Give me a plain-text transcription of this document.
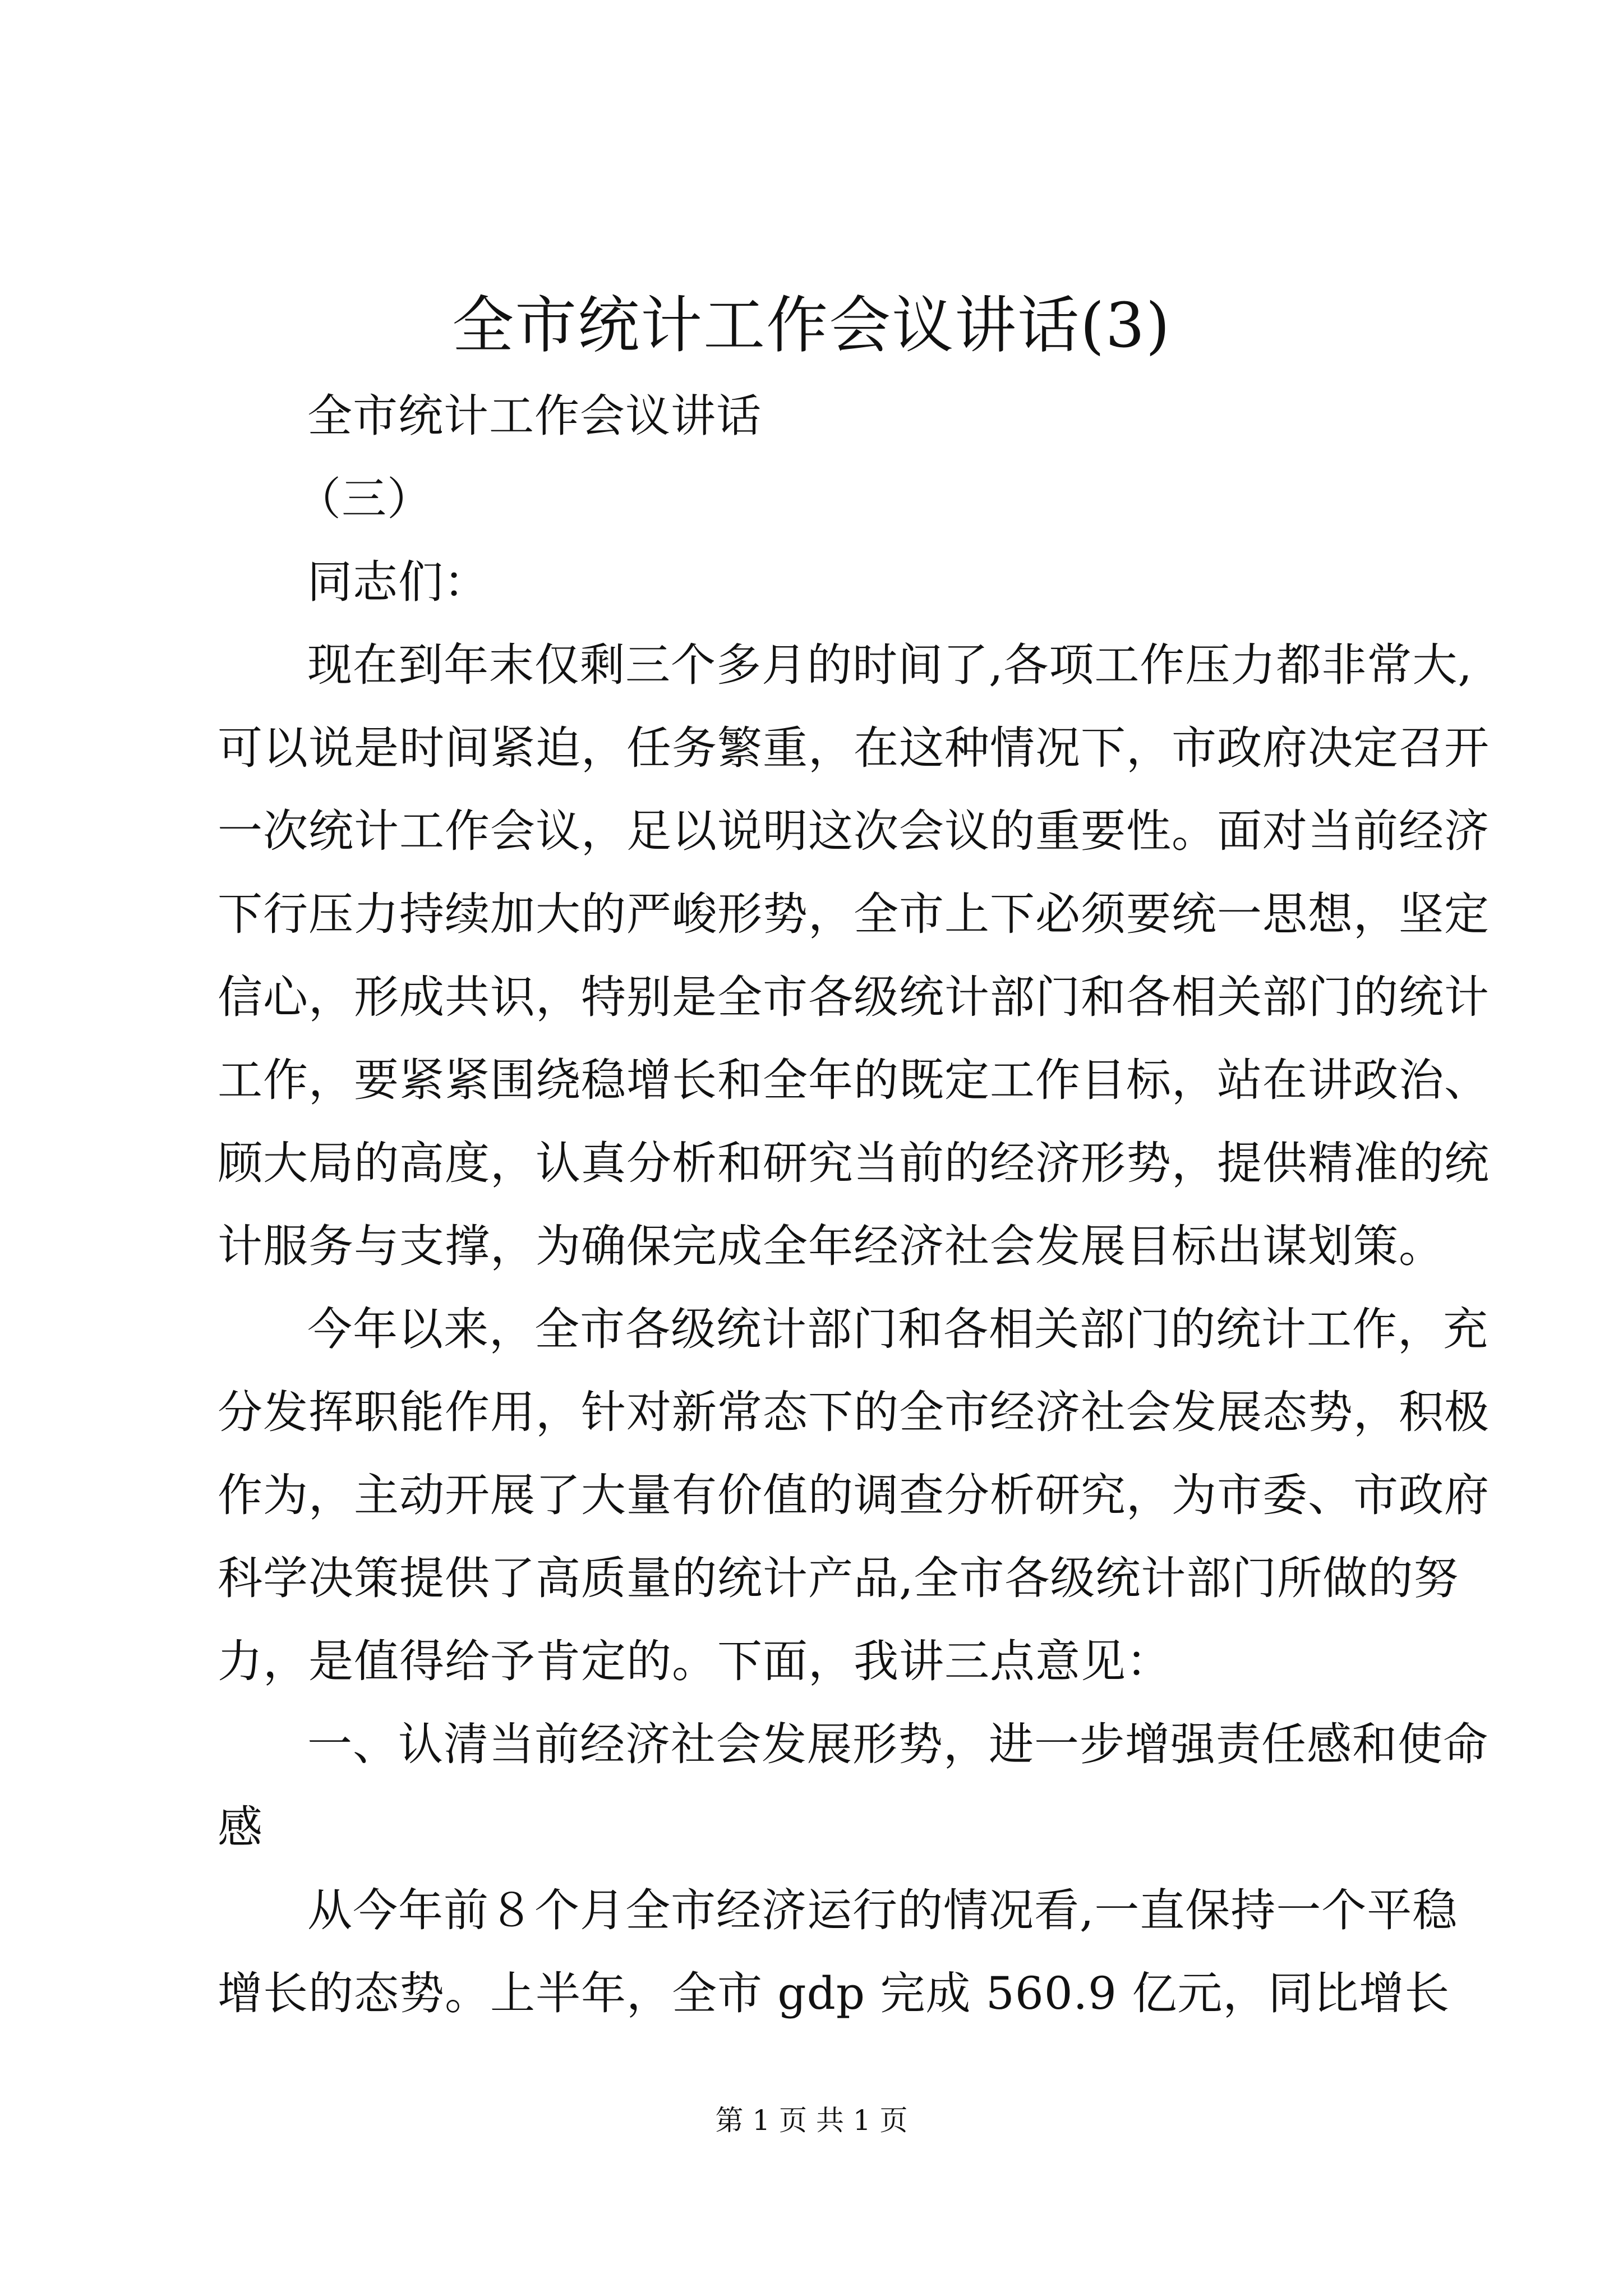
全市统计工作会议讲话(3)
全市统计工作会议讲话
（三）
同志们：
现在到年末仅剩三个多月的时间了,各项工作压力都非常大,
可以说是时间紧迫，任务繁重，在这种情况下，市政府决定召开
一次统计工作会议，足以说明这次会议的重要性。面对当前经济
下行压力持续加大的严峻形势，全市上下必须要统一思想，坚定
信心，形成共识，特别是全市各级统计部门和各相关部门的统计
工作，要紧紧围绕稳增长和全年的既定工作目标，站在讲政治、
顾大局的高度，认真分析和研究当前的经济形势，提供精准的统
计服务与支撑，为确保完成全年经济社会发展目标出谋划策。
今年以来，全市各级统计部门和各相关部门的统计工作，充
分发挥职能作用，针对新常态下的全市经济社会发展态势，积极
作为，主动开展了大量有价值的调查分析研究，为市委、市政府
科学决策提供了高质量的统计产品,全市各级统计部门所做的努
力，是值得给予肯定的。下面，我讲三点意见：
一、认清当前经济社会发展形势，进一步增强责任感和使命
感
从今年前８个月全市经济运行的情况看,一直保持一个平稳
增长的态势。上半年，全市 gdp 完成 560.9 亿元，同比增长
第 1 页 共 1 页
